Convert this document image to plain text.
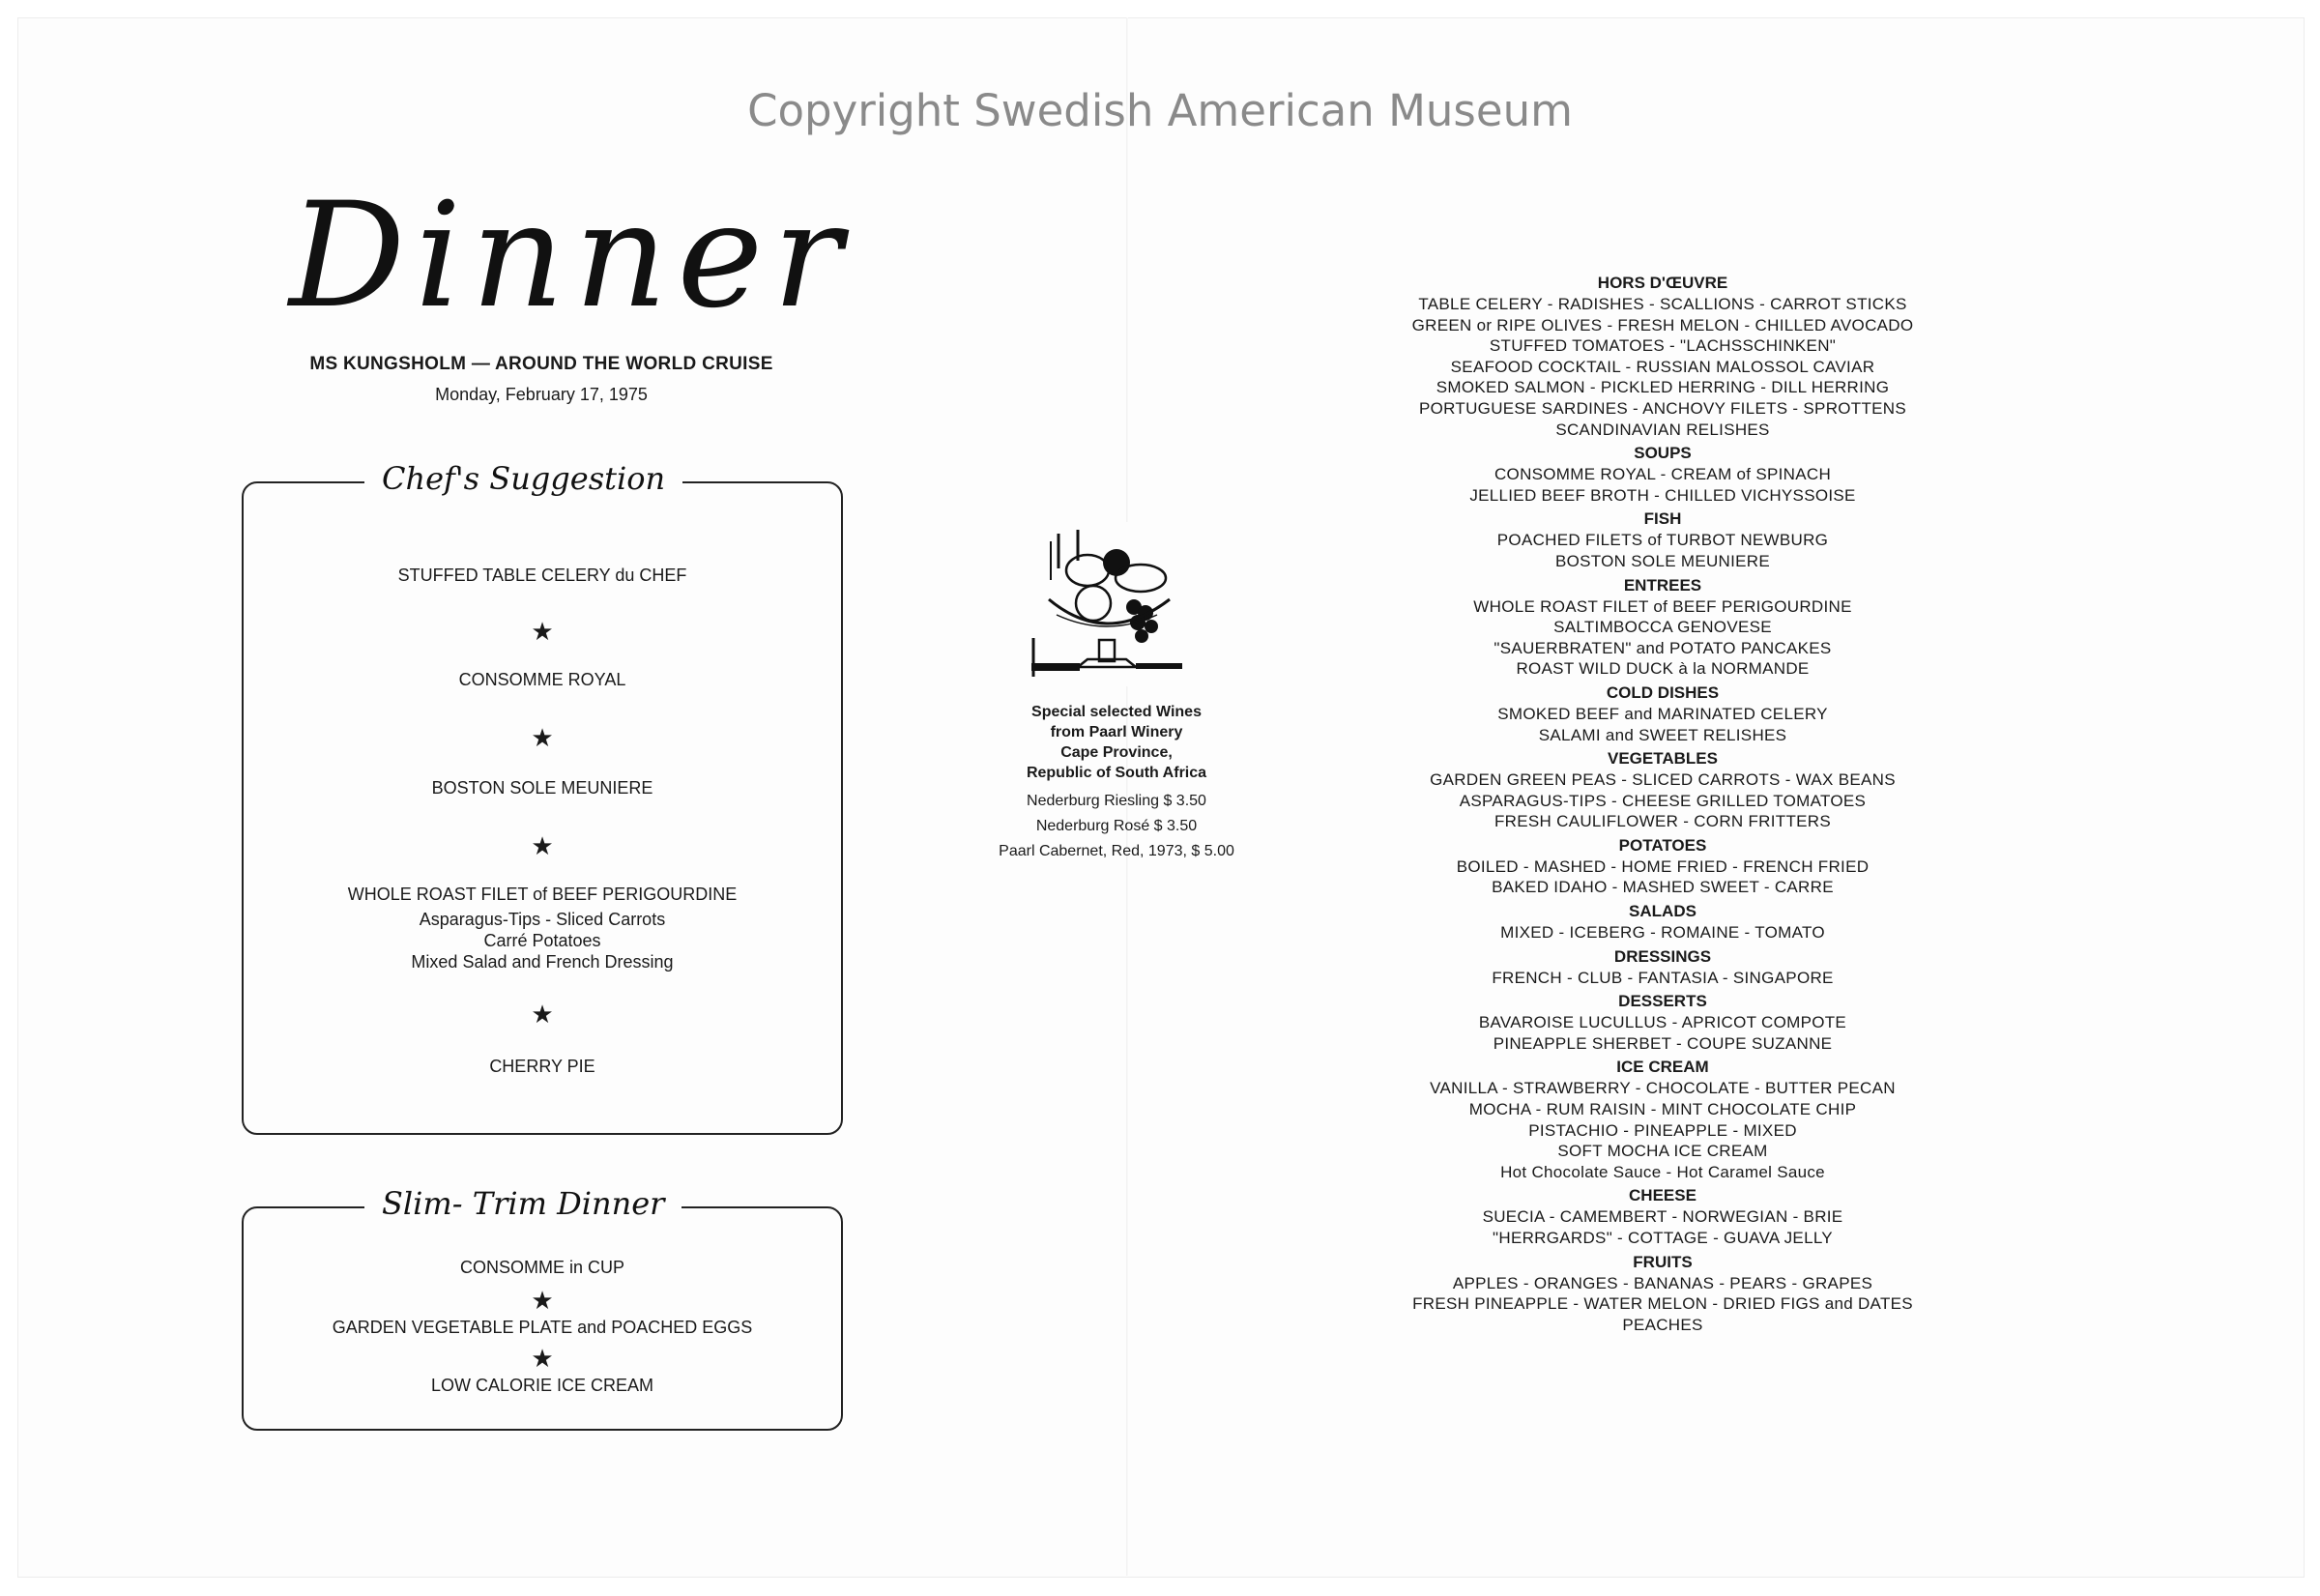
Copyright Swedish American Museum
Dinner
MS KUNGSHOLM — AROUND THE WORLD CRUISE
Monday, February 17, 1975
Chef's Suggestion
STUFFED TABLE CELERY du CHEF
★
CONSOMME ROYAL
★
BOSTON SOLE MEUNIERE
★
WHOLE ROAST FILET of BEEF PERIGOURDINE
Asparagus-Tips - Sliced Carrots
Carré Potatoes
Mixed Salad and French Dressing
★
CHERRY PIE
Slim- Trim Dinner
CONSOMME in CUP
★
GARDEN VEGETABLE PLATE and POACHED EGGS
★
LOW CALORIE ICE CREAM
Special selected Wines
from Paarl Winery
Cape Province,
Republic of South Africa
Nederburg Riesling $ 3.50
Nederburg Rosé $ 3.50
Paarl Cabernet, Red, 1973, $ 5.00
HORS D'ŒUVRE
TABLE CELERY - RADISHES - SCALLIONS - CARROT STICKS
GREEN or RIPE OLIVES - FRESH MELON - CHILLED AVOCADO
STUFFED TOMATOES - "LACHSSCHINKEN"
SEAFOOD COCKTAIL - RUSSIAN MALOSSOL CAVIAR
SMOKED SALMON - PICKLED HERRING - DILL HERRING
PORTUGUESE SARDINES - ANCHOVY FILETS - SPROTTENS
SCANDINAVIAN RELISHES
SOUPS
CONSOMME ROYAL - CREAM of SPINACH
JELLIED BEEF BROTH - CHILLED VICHYSSOISE
FISH
POACHED FILETS of TURBOT NEWBURG
BOSTON SOLE MEUNIERE
ENTREES
WHOLE ROAST FILET of BEEF PERIGOURDINE
SALTIMBOCCA GENOVESE
"SAUERBRATEN" and POTATO PANCAKES
ROAST WILD DUCK à la NORMANDE
COLD DISHES
SMOKED BEEF and MARINATED CELERY
SALAMI and SWEET RELISHES
VEGETABLES
GARDEN GREEN PEAS - SLICED CARROTS - WAX BEANS
ASPARAGUS-TIPS - CHEESE GRILLED TOMATOES
FRESH CAULIFLOWER - CORN FRITTERS
POTATOES
BOILED - MASHED - HOME FRIED - FRENCH FRIED
BAKED IDAHO - MASHED SWEET - CARRE
SALADS
MIXED - ICEBERG - ROMAINE - TOMATO
DRESSINGS
FRENCH - CLUB - FANTASIA - SINGAPORE
DESSERTS
BAVAROISE LUCULLUS - APRICOT COMPOTE
PINEAPPLE SHERBET - COUPE SUZANNE
ICE CREAM
VANILLA - STRAWBERRY - CHOCOLATE - BUTTER PECAN
MOCHA - RUM RAISIN - MINT CHOCOLATE CHIP
PISTACHIO - PINEAPPLE - MIXED
SOFT MOCHA ICE CREAM
Hot Chocolate Sauce - Hot Caramel Sauce
CHEESE
SUECIA - CAMEMBERT - NORWEGIAN - BRIE
"HERRGARDS" - COTTAGE - GUAVA JELLY
FRUITS
APPLES - ORANGES - BANANAS - PEARS - GRAPES
FRESH PINEAPPLE - WATER MELON - DRIED FIGS and DATES
PEACHES
